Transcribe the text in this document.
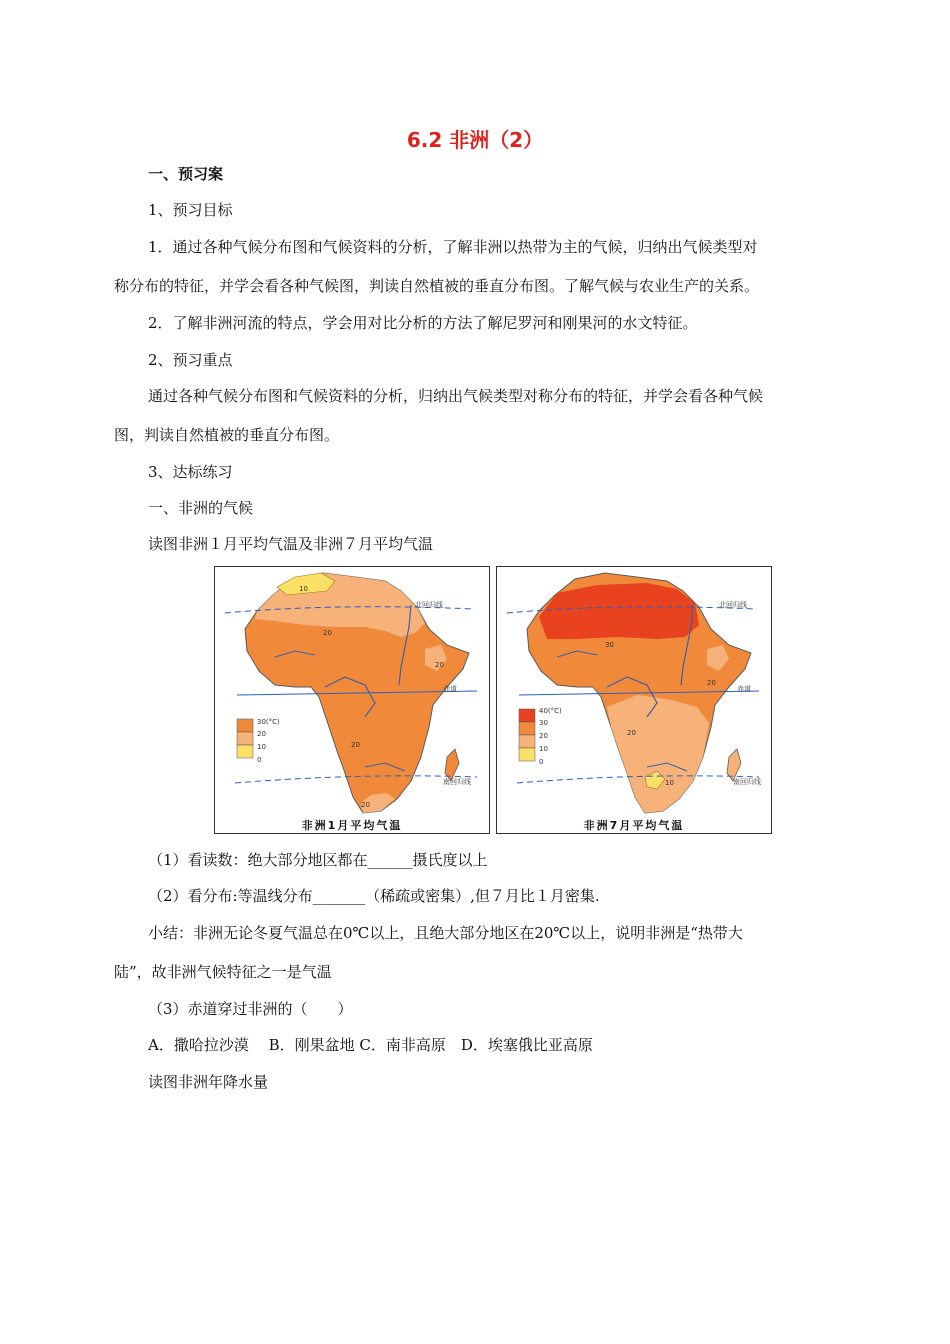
6.2 非洲（2）
一、预习案
1、预习目标
1．通过各种气候分布图和气候资料的分析，了解非洲以热带为主的气候，归纳出气候类型对
称分布的特征，并学会看各种气候图，判读自然植被的垂直分布图。了解气候与农业生产的关系。
2．了解非洲河流的特点，学会用对比分析的方法了解尼罗河和刚果河的水文特征。
2、预习重点
通过各种气候分布图和气候资料的分析，归纳出气候类型对称分布的特征，并学会看各种气候
图，判读自然植被的垂直分布图。
3、达标练习
一、非洲的气候
读图非洲１月平均气温及非洲７月平均气温
北回归线
赤道
南回归线
10
20
20
20
20
30(°C)
20
10
0
非洲1月平均气温
北回归线
赤道
南回归线
30
20
20
10
40(°C)
30
20
10
0
非洲7月平均气温
（1）看读数：绝大部分地区都在______摄氏度以上
（2）看分布:等温线分布_______（稀疏或密集）,但７月比１月密集.
小结：非洲无论冬夏气温总在0℃以上，且绝大部分地区在20℃以上，说明非洲是“热带大
陆”，故非洲气候特征之一是气温
（3）赤道穿过非洲的（　　）
A．撒哈拉沙漠　 B．刚果盆地 C．南非高原　D．埃塞俄比亚高原
读图非洲年降水量
